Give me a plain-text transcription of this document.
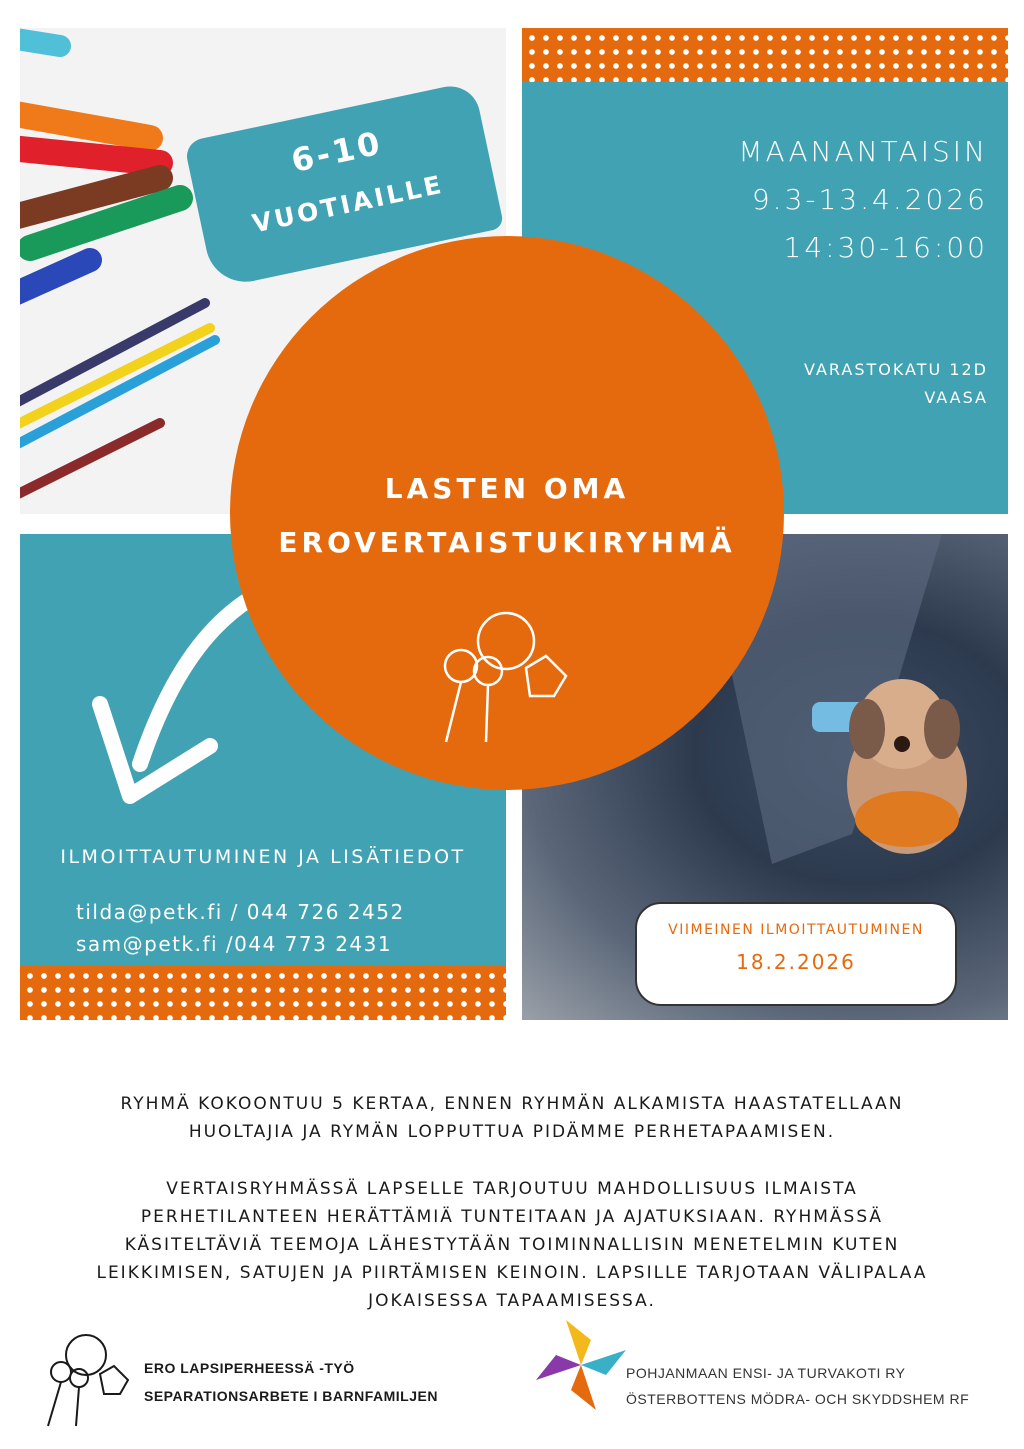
6-10
VUOTIAILLE
MAANANTAISIN
9.3-13.4.2026
14:30-16:00
VARASTOKATU 12D
VAASA
ILMOITTAUTUMINEN JA LISÄTIEDOT
tilda@petk.fi / 044 726 2452
sam@petk.fi /044 773 2431
LASTEN OMA
EROVERTAISTUKIRYHMÄ
VIIMEINEN ILMOITTAUTUMINEN
18.2.2026
RYHMÄ KOKOONTUU 5 KERTAA, ENNEN RYHMÄN ALKAMISTA HAASTATELLAAN
HUOLTAJIA JA RYMÄN LOPPUTTUA PIDÄMME PERHETAPAAMISEN.
VERTAISRYHMÄSSÄ LAPSELLE TARJOUTUU MAHDOLLISUUS ILMAISTA
PERHETILANTEEN HERÄTTÄMIÄ TUNTEITAAN JA AJATUKSIAAN. RYHMÄSSÄ
KÄSITELTÄVIÄ TEEMOJA LÄHESTYTÄÄN TOIMINNALLISIN MENETELMIN KUTEN
LEIKKIMISEN, SATUJEN JA PIIRTÄMISEN KEINOIN. LAPSILLE TARJOTAAN VÄLIPALAA
JOKAISESSA TAPAAMISESSA.
ERO LAPSIPERHEESSÄ -TYÖ
SEPARATIONSARBETE I BARNFAMILJEN
POHJANMAAN ENSI- JA TURVAKOTI RY
ÖSTERBOTTENS MÖDRA- OCH SKYDDSHEM RF
